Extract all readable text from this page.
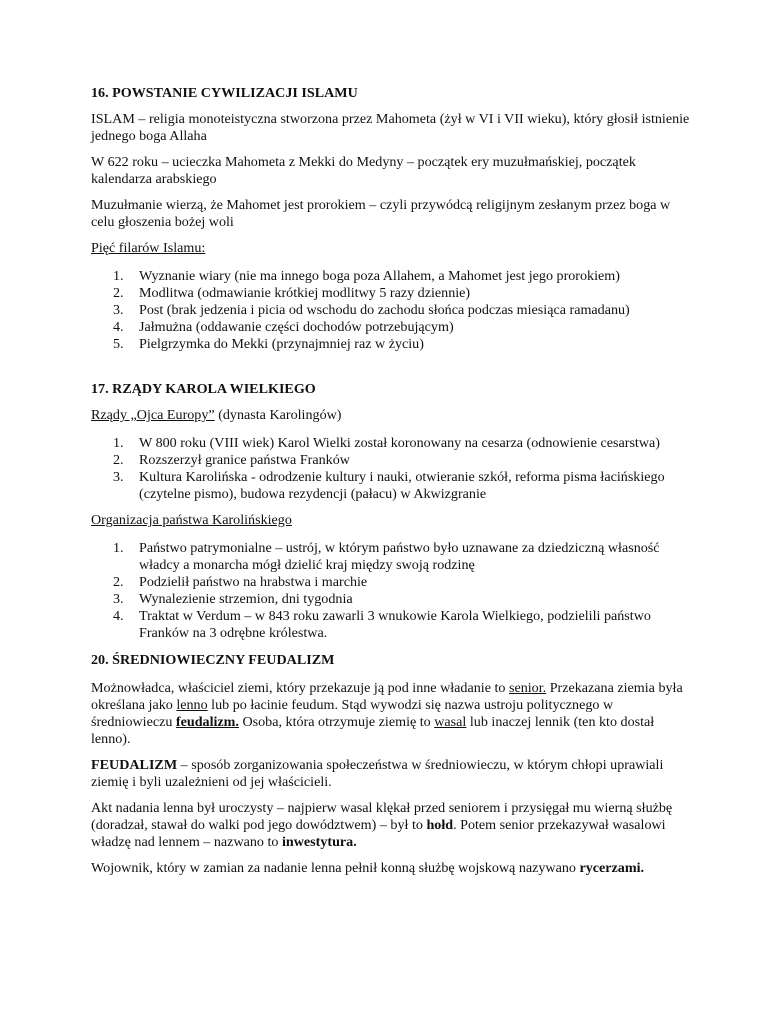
16. POWSTANIE CYWILIZACJI ISLAMU

ISLAM – religia monoteistyczna stworzona przez Mahometa (żył w VI i VII wieku), który głosił istnienie jednego boga Allaha

W 622 roku – ucieczka Mahometa z Mekki do Medyny – początek ery muzułmańskiej, początek kalendarza arabskiego

Muzułmanie wierzą, że Mahomet jest prorokiem – czyli przywódcą religijnym zesłanym przez boga w celu głoszenia bożej woli

Pięć filarów Islamu:

1. Wyznanie wiary (nie ma innego boga poza Allahem, a Mahomet jest jego prorokiem)
2. Modlitwa (odmawianie krótkiej modlitwy 5 razy dziennie)
3. Post (brak jedzenia i picia od wschodu do zachodu słońca podczas miesiąca ramadanu)
4. Jałmużna (oddawanie części dochodów potrzebującym)
5. Pielgrzymka do Mekki (przynajmniej raz w życiu)
17. RZĄDY KAROLA WIELKIEGO

Rządy „Ojca Europy” (dynasta Karolingów)

1. W 800 roku (VIII wiek) Karol Wielki został koronowany na cesarza (odnowienie cesarstwa)
2. Rozszerzył granice państwa Franków
3. Kultura Karolińska - odrodzenie kultury i nauki, otwieranie szkół, reforma pisma łacińskiego (czytelne pismo), budowa rezydencji (pałacu) w Akwizgranie

Organizacja państwa Karolińskiego

1. Państwo patrymonialne – ustrój, w którym państwo było uznawane za dziedziczną własność władcy a monarcha mógł dzielić kraj między swoją rodzinę
2. Podzielił państwo na hrabstwa i marchie
3. Wynalezienie strzemion, dni tygodnia
4. Traktat w Verdum – w 843 roku zawarli 3 wnukowie Karola Wielkiego, podzielili państwo Franków na 3 odrębne królestwa.
20. ŚREDNIOWIECZNY FEUDALIZM

Możnowładca, właściciel ziemi, który przekazuje ją pod inne władanie to senior. Przekazana ziemia była określana jako lenno lub po łacinie feudum. Stąd wywodzi się nazwa ustroju politycznego w średniowieczu feudalizm. Osoba, która otrzymuje ziemię to wasal lub inaczej lennik (ten kto dostał lenno).

FEUDALIZM – sposób zorganizowania społeczeństwa w średniowieczu, w którym chłopi uprawiali ziemię i byli uzależnieni od jej właścicieli.

Akt nadania lenna był uroczysty – najpierw wasal klękał przed seniorem i przysięgał mu wierną służbę (doradzał, stawał do walki pod jego dowództwem) – był to hołd. Potem senior przekazywał wasalowi władzę nad lennem – nazwano to inwestytura.

Wojownik, który w zamian za nadanie lenna pełnił konną służbę wojskową nazywano rycerzami.
